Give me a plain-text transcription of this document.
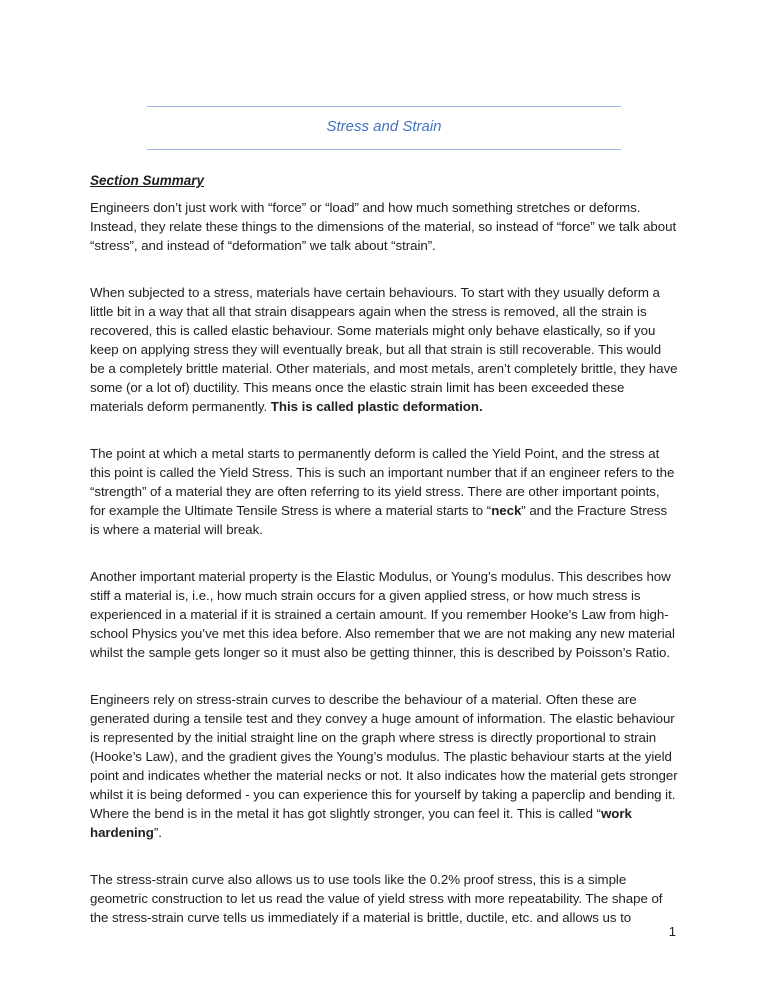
Stress and Strain
Section Summary

Engineers don’t just work with “force” or “load” and how much something stretches or deforms. Instead, they relate these things to the dimensions of the material, so instead of “force” we talk about “stress”, and instead of “deformation” we talk about “strain”.

When subjected to a stress, materials have certain behaviours. To start with they usually deform a little bit in a way that all that strain disappears again when the stress is removed, all the strain is recovered, this is called elastic behaviour. Some materials might only behave elastically, so if you keep on applying stress they will eventually break, but all that strain is still recoverable. This would be a completely brittle material. Other materials, and most metals, aren’t completely brittle, they have some (or a lot of) ductility. This means once the elastic strain limit has been exceeded these materials deform permanently. This is called plastic deformation.

The point at which a metal starts to permanently deform is called the Yield Point, and the stress at this point is called the Yield Stress. This is such an important number that if an engineer refers to the “strength” of a material they are often referring to its yield stress. There are other important points, for example the Ultimate Tensile Stress is where a material starts to “neck” and the Fracture Stress is where a material will break.

Another important material property is the Elastic Modulus, or Young’s modulus. This describes how stiff a material is, i.e., how much strain occurs for a given applied stress, or how much stress is experienced in a material if it is strained a certain amount. If you remember Hooke’s Law from high-school Physics you’ve met this idea before. Also remember that we are not making any new material whilst the sample gets longer so it must also be getting thinner, this is described by Poisson’s Ratio.

Engineers rely on stress-strain curves to describe the behaviour of a material. Often these are generated during a tensile test and they convey a huge amount of information. The elastic behaviour is represented by the initial straight line on the graph where stress is directly proportional to strain (Hooke’s Law), and the gradient gives the Young’s modulus. The plastic behaviour starts at the yield point and indicates whether the material necks or not. It also indicates how the material gets stronger whilst it is being deformed - you can experience this for yourself by taking a paperclip and bending it. Where the bend is in the metal it has got slightly stronger, you can feel it. This is called “work hardening”.

The stress-strain curve also allows us to use tools like the 0.2% proof stress, this is a simple geometric construction to let us read the value of yield stress with more repeatability. The shape of the stress-strain curve tells us immediately if a material is brittle, ductile, etc. and allows us to

1
